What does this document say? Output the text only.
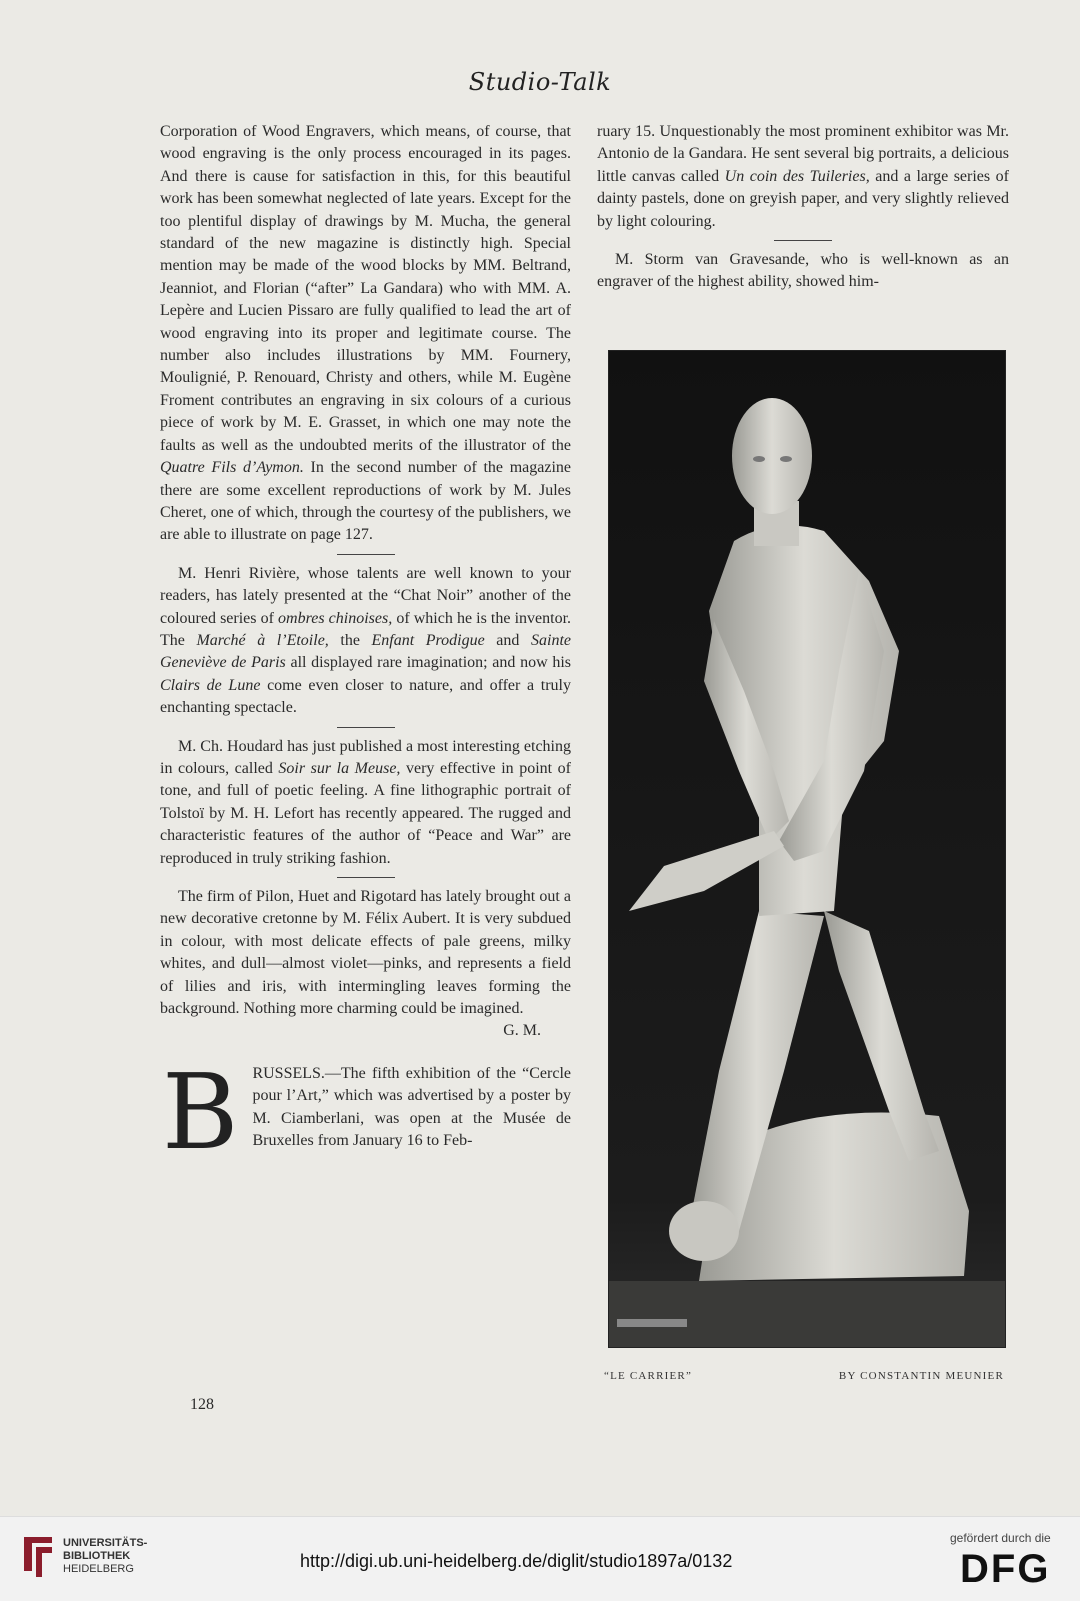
Studio-Talk

Corporation of Wood Engravers, which means, of course, that wood engraving is the only process encouraged in its pages. And there is cause for satisfaction in this, for this beautiful work has been somewhat neglected of late years. Except for the too plentiful display of drawings by M. Mucha, the general standard of the new magazine is distinctly high. Special mention may be made of the wood blocks by MM. Beltrand, Jeanniot, and Florian (“after” La Gandara) who with MM. A. Lepère and Lucien Pissaro are fully qualified to lead the art of wood engraving into its proper and legitimate course. The number also includes illustrations by MM. Fournery, Moulignié, P. Renouard, Christy and others, while M. Eugène Froment contributes an engraving in six colours of a curious piece of work by M. E. Grasset, in which one may note the faults as well as the undoubted merits of the illustrator of the Quatre Fils d’Aymon. In the second number of the magazine there are some excellent reproductions of work by M. Jules Cheret, one of which, through the courtesy of the publishers, we are able to illustrate on page 127.

M. Henri Rivière, whose talents are well known to your readers, has lately presented at the “Chat Noir” another of the coloured series of ombres chinoises, of which he is the inventor. The Marché à l’Etoile, the Enfant Prodigue and Sainte Geneviève de Paris all displayed rare imagination; and now his Clairs de Lune come even closer to nature, and offer a truly enchanting spectacle.

M. Ch. Houdard has just published a most interesting etching in colours, called Soir sur la Meuse, very effective in point of tone, and full of poetic feeling. A fine lithographic portrait of Tolstoï by M. H. Lefort has recently appeared. The rugged and characteristic features of the author of “Peace and War” are reproduced in truly striking fashion.

The firm of Pilon, Huet and Rigotard has lately brought out a new decorative cretonne by M. Félix Aubert. It is very subdued in colour, with most delicate effects of pale greens, milky whites, and dull—almost violet—pinks, and represents a field of lilies and iris, with intermingling leaves forming the background. Nothing more charming could be imagined.

G. M.
B RUSSELS.—The fifth exhibition of the “Cercle pour l’Art,” which was advertised by a poster by M. Ciamberlani, was open at the Musée de Bruxelles from January 16 to Feb-

ruary 15. Unquestionably the most prominent exhibitor was Mr. Antonio de la Gandara. He sent several big portraits, a delicious little canvas called Un coin des Tuileries, and a large series of dainty pastels, done on greyish paper, and very slightly relieved by light colouring.

M. Storm van Gravesande, who is well-known as an engraver of the highest ability, showed him-

“LE CARRIER”	BY CONSTANTIN MEUNIER
128
UNIVERSITÄTS-
BIBLIOTHEK
HEIDELBERG	http://digi.ub.uni-heidelberg.de/diglit/studio1897a/0132
gefördert durch die
DFG
